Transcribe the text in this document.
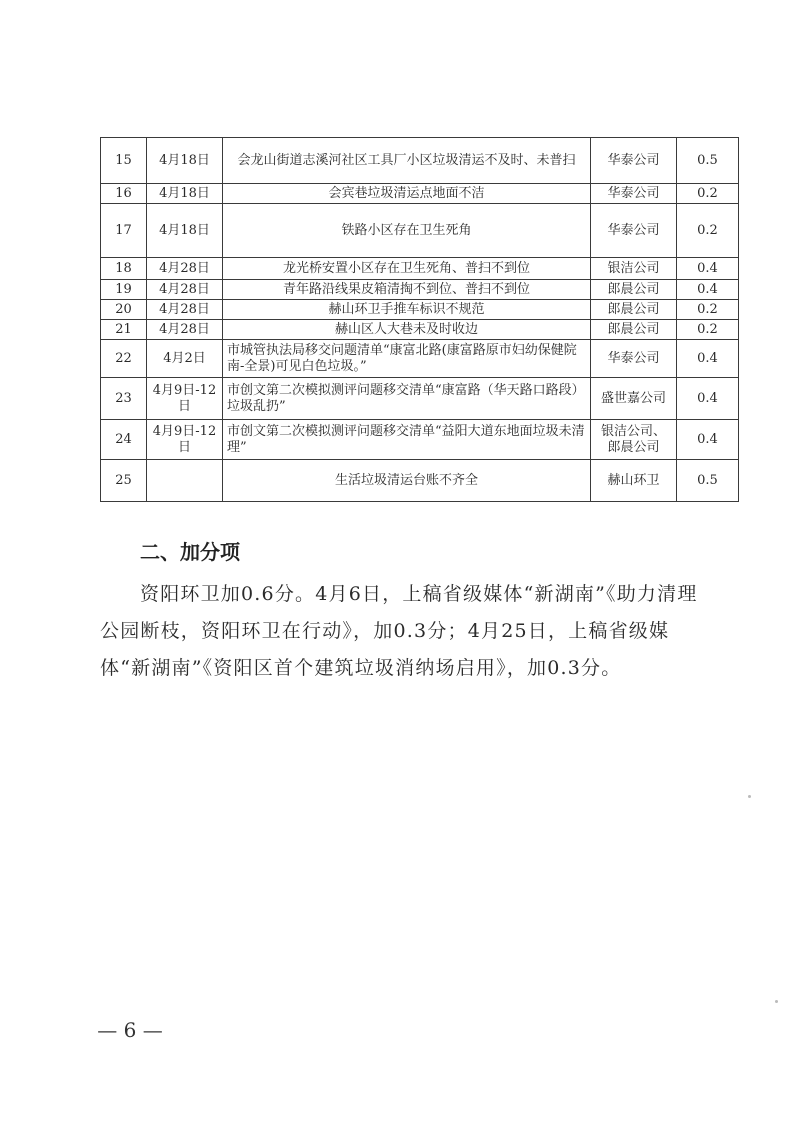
15	4月18日	会龙山街道志溪河社区工具厂小区垃圾清运不及时、未普扫	华泰公司	0.5
16	4月18日	会宾巷垃圾清运点地面不洁	华泰公司	0.2
17	4月18日	铁路小区存在卫生死角	华泰公司	0.2
18	4月28日	龙光桥安置小区存在卫生死角、普扫不到位	银洁公司	0.4
19	4月28日	青年路沿线果皮箱清掏不到位、普扫不到位	郎晨公司	0.4
20	4月28日	赫山环卫手推车标识不规范	郎晨公司	0.2
21	4月28日	赫山区人大巷未及时收边	郎晨公司	0.2
22	4月2日	市城管执法局移交问题清单“康富北路(康富路原市妇幼保健院南-全景)可见白色垃圾。”	华泰公司	0.4
23	4月9日-12日	市创文第二次模拟测评问题移交清单“康富路（华天路口路段）垃圾乱扔”	盛世嘉公司	0.4
24	4月9日-12日	市创文第二次模拟测评问题移交清单“益阳大道东地面垃圾未清理”	银洁公司、郎晨公司	0.4
25		生活垃圾清运台账不齐全	赫山环卫	0.5
二、加分项

资阳环卫加0.6分。4月6日，上稿省级媒体“新湖南”《助力清理公园断枝，资阳环卫在行动》，加0.3分；4月25日，上稿省级媒体“新湖南”《资阳区首个建筑垃圾消纳场启用》，加0.3分。

— 6 —
